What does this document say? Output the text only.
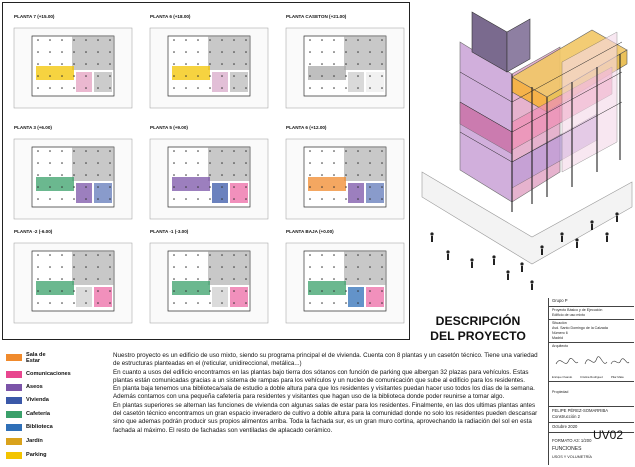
PLANTA 7 (+15.00)	PLANTA 6 (+18.00)	PLANTA CASETON (+21.00)
PLANTA 3 (+6.00)	PLANTA 5 (+9.00)	PLANTA 6 (+12.00)
PLANTA -2 (-6.00)	PLANTA -1 (-3.00)	PLANTA BAJA (+0.00)
DESCRIPCIÓN
DEL PROYECTO
Sala de
Estar
Comunicaciones
Aseos
Vivienda
Cafetería
Biblioteca
Jardín
Parking

Nuestro proyecto es un edificio de uso mixto, siendo su programa principal el de vivienda. Cuenta con 8 plantas y un casetón técnico. Tiene una variedad de estructuras planteadas en el (reticular, unidireccional, metálica...)

En cuanto a usos del edificio encontramos en las plantas bajo tierra dos sótanos con función de parking que albergan 32 plazas para vehículos. Estas plantas están comunicadas gracias a un sistema de rampas para los vehículos y un nucleo de comunicación que sube al edificio para los residentes.

En planta baja tenemos una biblioteca/sala de estudio a doble altura para que los residentes y visitantes puedan hacer uso todos los días de la semana. Además contamos con una pequeña cafetería para residentes y visitantes que hagan uso de la biblioteca donde poder reunirse a tomar algo.

En plantas superiores se alternan las funciones de vivienda con algunas salas de estar para los residentes. Finalmente, en las dos ultimas plantas antes del casetón técnico encontramos un gran espacio inveradero de cultivo a doble altura para la comunidad donde no solo los residentes pueden descansar sino que ademas podrán producir sus propios alimentos arriba. Toda la fachada sur, es un gran muro cortina, aprovechando la radiación del sol en esta fachada al máximo. El resto de fachadas son ventiladas de aplacado cerámico.

Grupo P
Proyecto Básico y de Ejecución
Edificio de uso mixto
Situación
Avd. Santo Domingo de la Calzada
Número 6
Madrid
Arquitecto
Enrique Ovando	Cristina Rodriguez	Pilar Mata
Propiedad
FELIPE PÉREZ-SOMARRIBA
Construcción 2
Octubre 2020
FORMATO A3: 1/200
FUNCIONES
USOS Y VOLUMETRÍA
UV02
